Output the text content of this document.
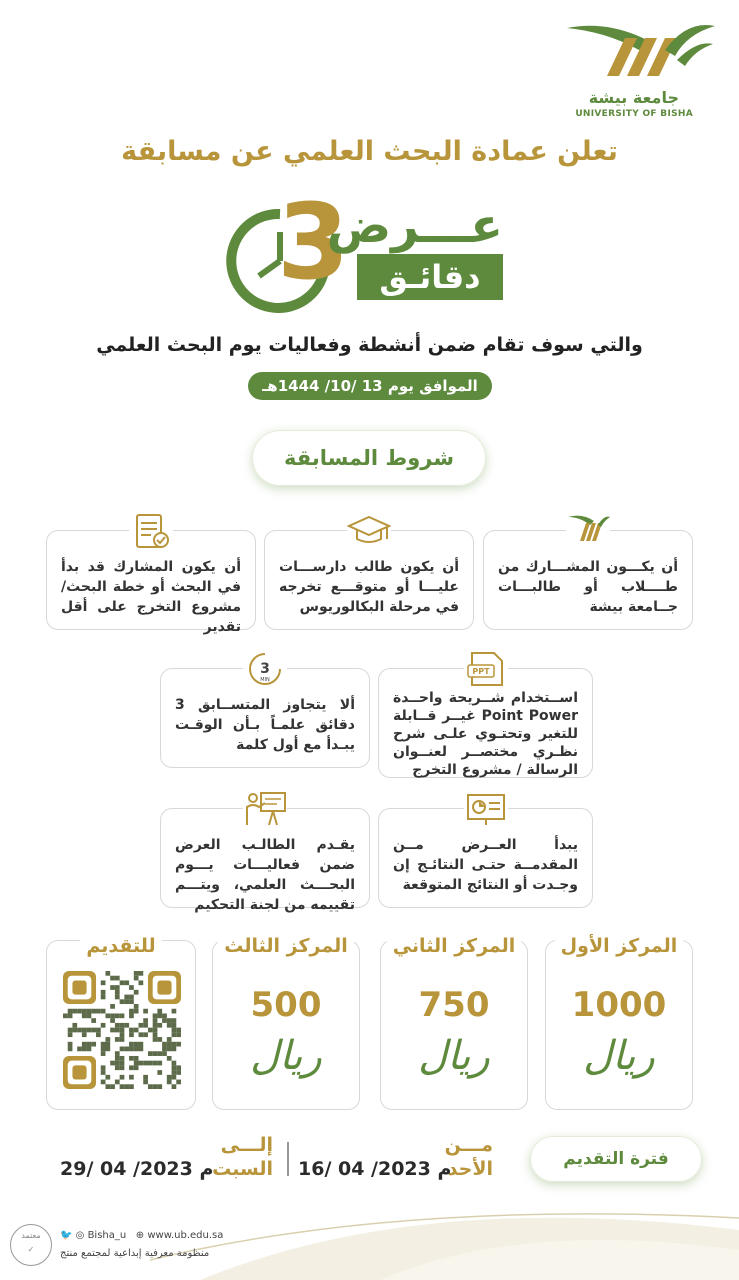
جامعة بيشة
UNIVERSITY OF BISHA
تعلن عمادة البحث العلمي عن مسابقة
3
عـــرض
دقائـق
والتي سوف تقام ضمن أنشطة وفعاليات يوم البحث العلمي
الموافق يوم 13 /10/ 1444هـ
شروط المسابقة
أن يكـــون المشـــارك من طــــلاب أو طالبـــات جــامعة بيشة
أن يكون طالب دارســـات عليـــا أو متوقـــع تخرجه في مرحلة البكالوريوس
أن يكون المشارك قد بدأ في البحث أو خطة البحث/ مشروع التخرج على أقل تقدير
PPT
اســتخدام شــريحة واحــدة Point Power غيــر قــابلة للتغير وتحتـوي علـى شرح نظـري مختصــر لعنــوان الرسالة / مشروع التخرج
3
MIN
ألا يتجاوز المتســابق 3 دقائق علمـاً بـأن الوقـت يبـدأ مع أول كلمة
يبدأ العــرض مــن المقدمــة حتـى النتائـج إن وجـدت أو النتائج المتوقعة
يقـدم الطالـب العرض ضمن فعاليـــات يـــوم البحـــث العلمي، ويتـــم تقييمه من لجنة التحكيم
المركز الأول
1000
ريال
المركز الثاني
750
ريال
المركز الثالث
500
ريال
للتقديم
فترة التقديم
مـــن
الأحد
16/ 04 /2023 م
إلـــى
السبت
29/ 04 /2023 م
معتمد
✓
🐦 ◎ Bisha_u ⊕ www.ub.edu.sa
منظومة معرفية إبداعية لمجتمع منتج
